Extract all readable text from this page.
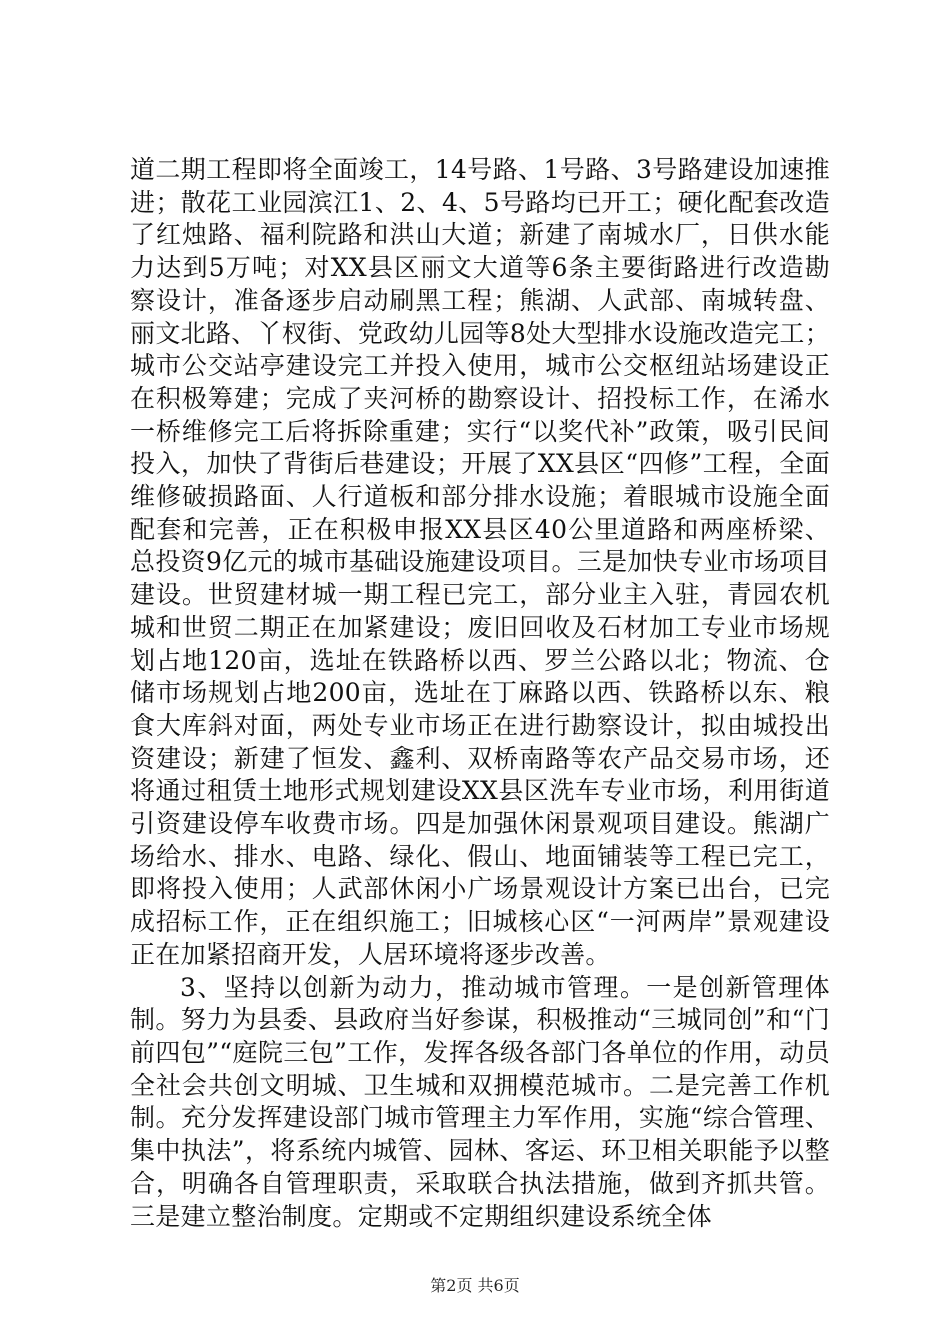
道二期工程即将全面竣工，14号路、1号路、3号路建设加速推进；散花工业园滨江1、2、4、5号路均已开工；硬化配套改造了红烛路、福利院路和洪山大道；新建了南城水厂，日供水能力达到5万吨；对XX县区丽文大道等6条主要街路进行改造勘察设计，准备逐步启动刷黑工程；熊湖、人武部、南城转盘、丽文北路、丫杈街、党政幼儿园等8处大型排水设施改造完工；城市公交站亭建设完工并投入使用，城市公交枢纽站场建设正在积极筹建；完成了夹河桥的勘察设计、招投标工作，在浠水一桥维修完工后将拆除重建；实行“以奖代补”政策，吸引民间投入，加快了背街后巷建设；开展了XX县区“四修”工程，全面维修破损路面、人行道板和部分排水设施；着眼城市设施全面配套和完善，正在积极申报XX县区40公里道路和两座桥梁、总投资9亿元的城市基础设施建设项目。三是加快专业市场项目建设。世贸建材城一期工程已完工，部分业主入驻，青园农机城和世贸二期正在加紧建设；废旧回收及石材加工专业市场规划占地120亩，选址在铁路桥以西、罗兰公路以北；物流、仓储市场规划占地200亩，选址在丁麻路以西、铁路桥以东、粮食大库斜对面，两处专业市场正在进行勘察设计，拟由城投出资建设；新建了恒发、鑫利、双桥南路等农产品交易市场，还将通过租赁土地形式规划建设XX县区洗车专业市场，利用街道引资建设停车收费市场。四是加强休闲景观项目建设。熊湖广场给水、排水、电路、绿化、假山、地面铺装等工程已完工，即将投入使用；人武部休闲小广场景观设计方案已出台，已完成招标工作，正在组织施工；旧城核心区“一河两岸”景观建设正在加紧招商开发，人居环境将逐步改善。

3、坚持以创新为动力，推动城市管理。一是创新管理体制。努力为县委、县政府当好参谋，积极推动“三城同创”和“门前四包”“庭院三包”工作，发挥各级各部门各单位的作用，动员全社会共创文明城、卫生城和双拥模范城市。二是完善工作机制。充分发挥建设部门城市管理主力军作用，实施“综合管理、集中执法”，将系统内城管、园林、客运、环卫相关职能予以整合，明确各自管理职责，采取联合执法措施，做到齐抓共管。三是建立整治制度。定期或不定期组织建设系统全体

第2页 共6页
